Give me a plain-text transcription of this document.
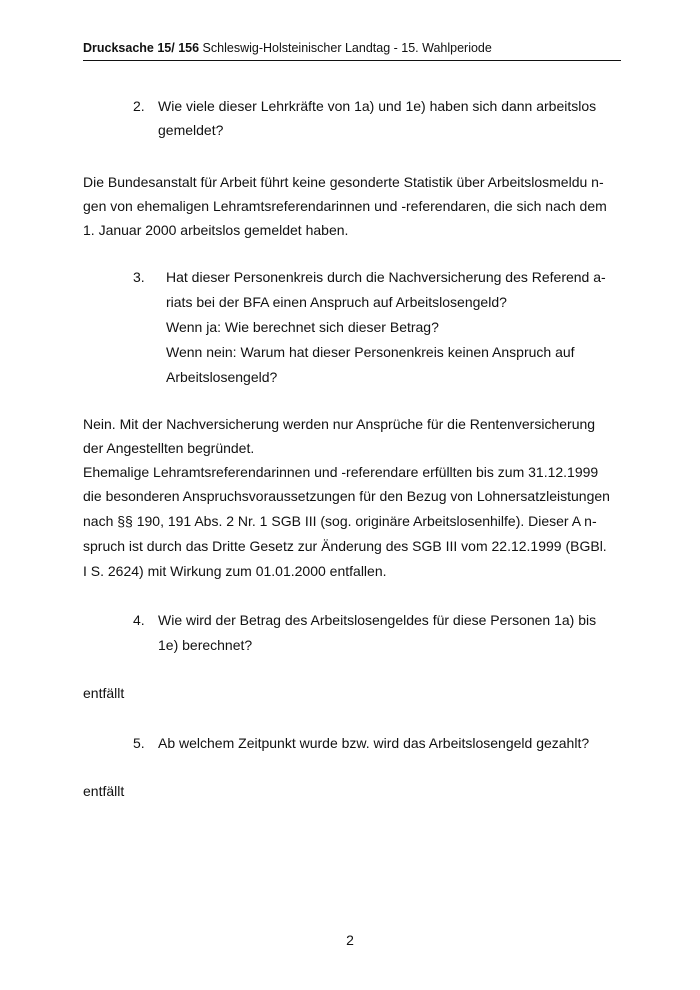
Drucksache 15/ 156 Schleswig-Holsteinischer Landtag - 15. Wahlperiode
2. Wie viele dieser Lehrkräfte von 1a) und 1e) haben sich dann arbeitslos
gemeldet?
Die Bundesanstalt für Arbeit führt keine gesonderte Statistik über Arbeitslosmeldu n-
gen von ehemaligen Lehramtsreferendarinnen und -referendaren, die sich nach dem
1. Januar 2000 arbeitslos gemeldet haben.
3. Hat dieser Personenkreis durch die Nachversicherung des Referend a-
riats bei der BFA einen Anspruch auf Arbeitslosengeld?
Wenn ja: Wie berechnet sich dieser Betrag?
Wenn nein: Warum hat dieser Personenkreis keinen Anspruch auf
Arbeitslosengeld?
Nein. Mit der Nachversicherung werden nur Ansprüche für die Rentenversicherung
der Angestellten begründet.
Ehemalige Lehramtsreferendarinnen und -referendare erfüllten bis zum 31.12.1999
die besonderen Anspruchsvoraussetzungen für den Bezug von Lohnersatzleistungen
nach §§ 190, 191 Abs. 2 Nr. 1 SGB III (sog. originäre Arbeitslosenhilfe). Dieser A n-
spruch ist durch das Dritte Gesetz zur Änderung des SGB III vom 22.12.1999 (BGBl.
I S. 2624) mit Wirkung zum 01.01.2000 entfallen.
4. Wie wird der Betrag des Arbeitslosengeldes für diese Personen 1a) bis
1e) berechnet?
entfällt
5. Ab welchem Zeitpunkt wurde bzw. wird das Arbeitslosengeld gezahlt?
entfällt
2
